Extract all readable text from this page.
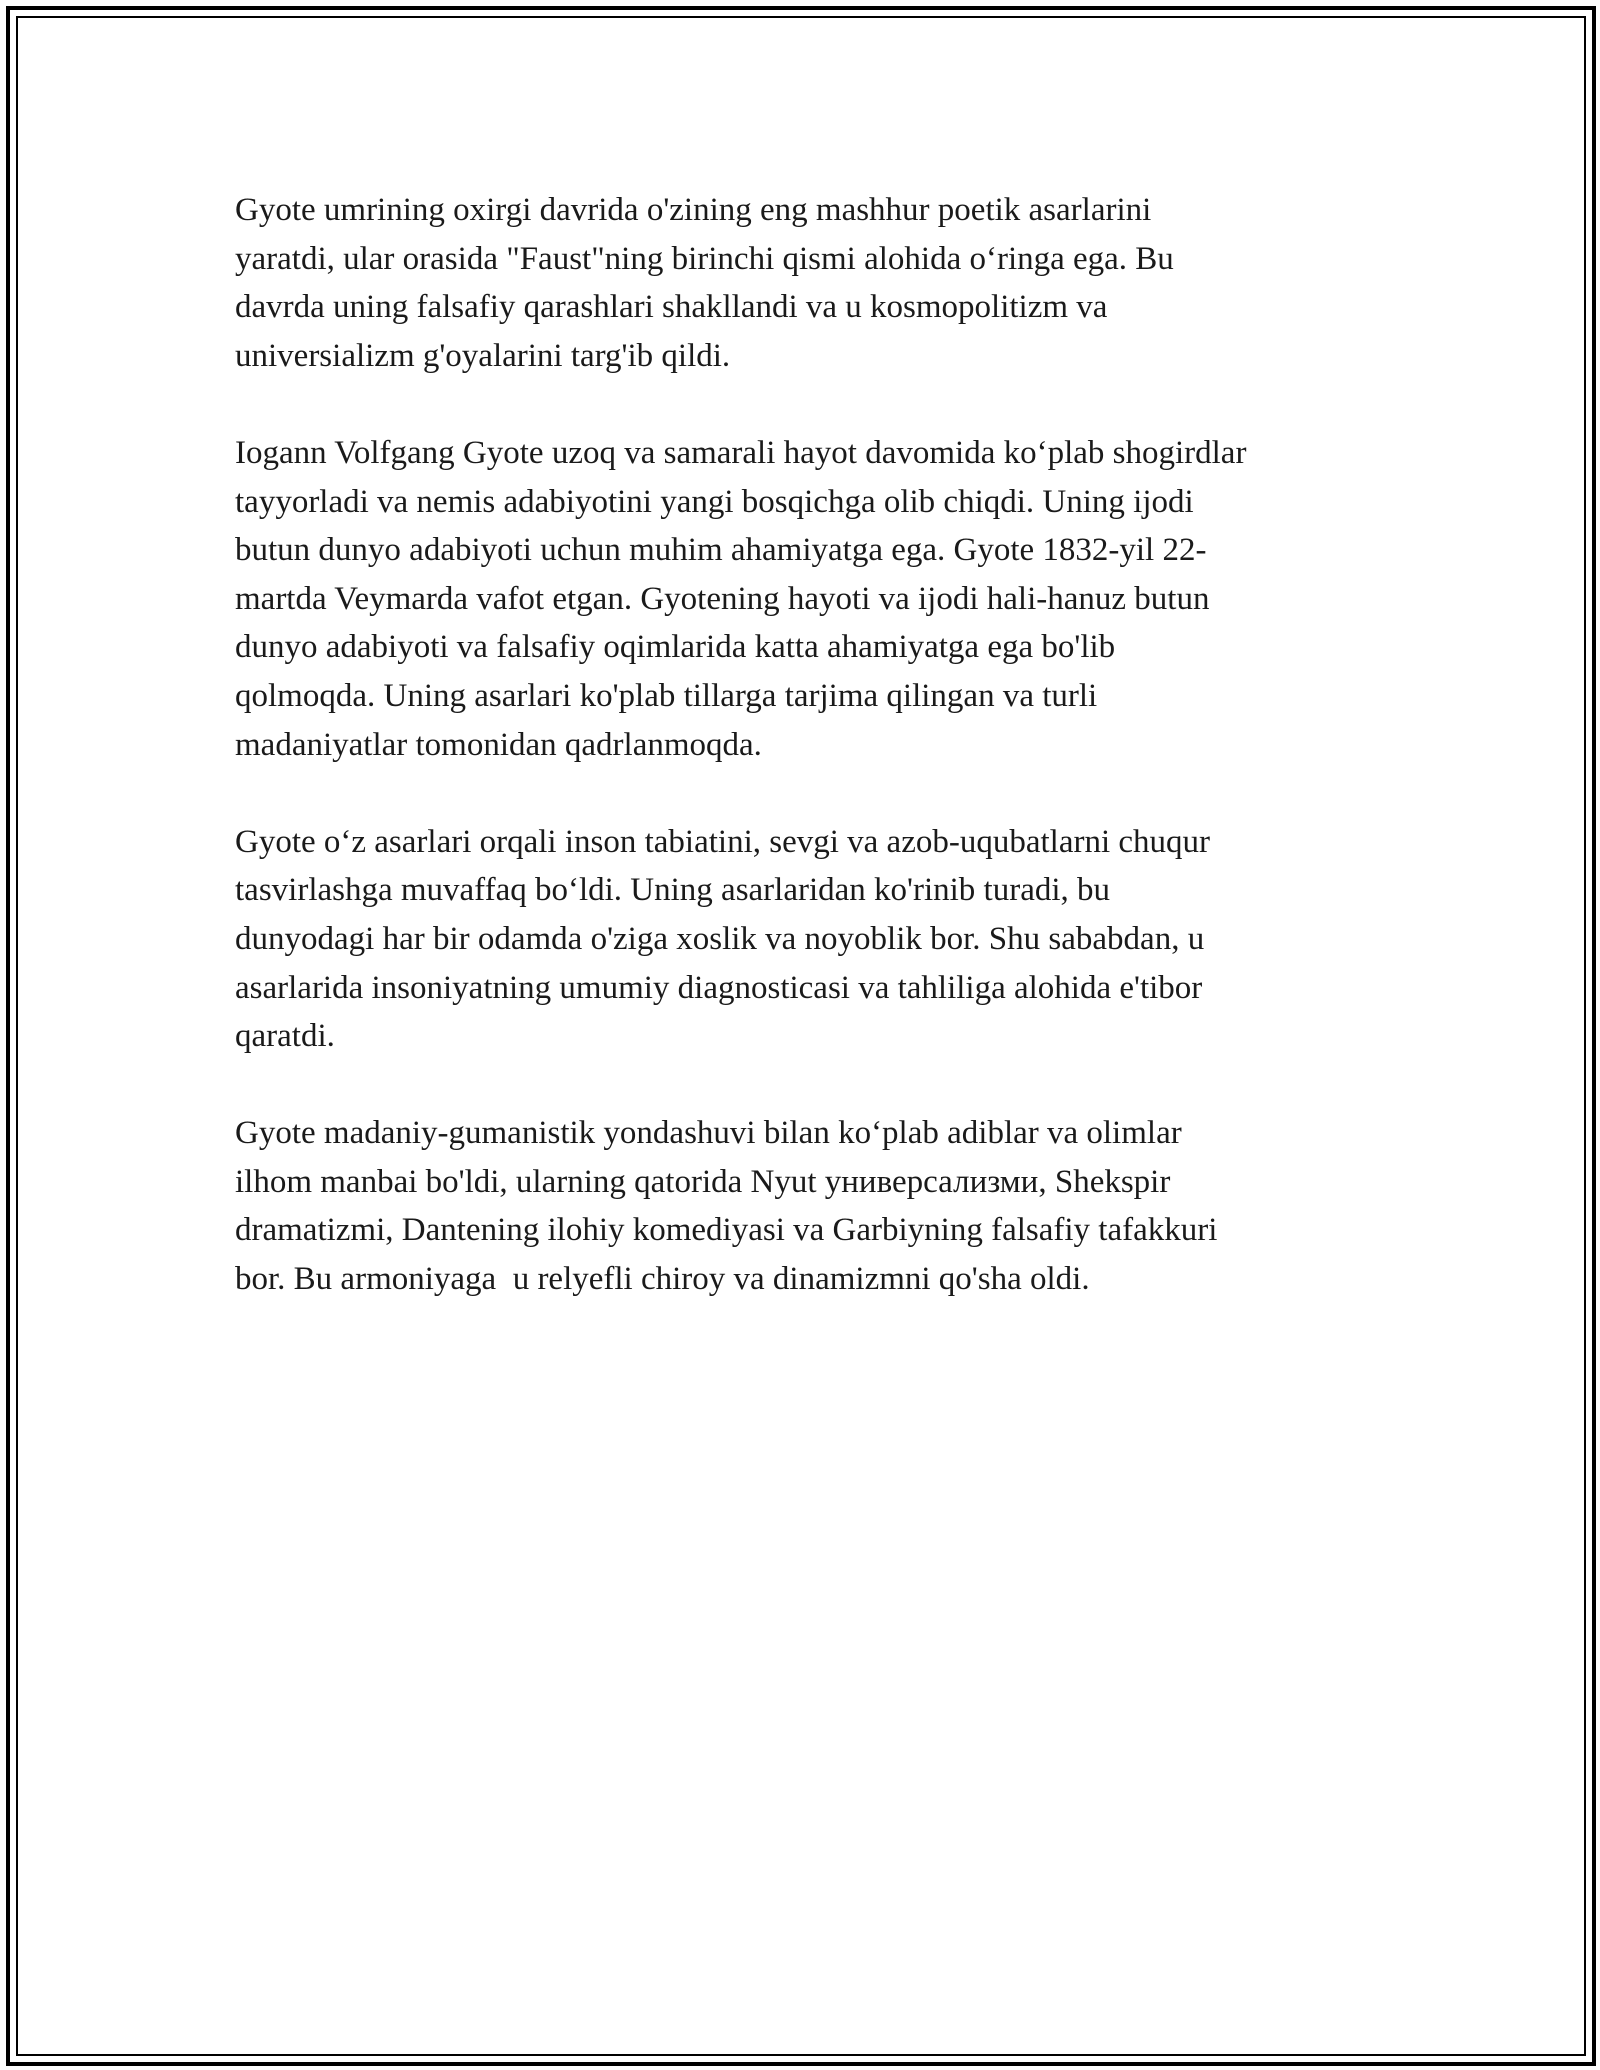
Gyote umrining oxirgi davrida o'zining eng mashhur poetik asarlarini
yaratdi, ular orasida "Faust"ning birinchi qismi alohida o‘ringa ega. Bu
davrda uning falsafiy qarashlari shakllandi va u kosmopolitizm va
universializm g'oyalarini targ'ib qildi.
Iogann Volfgang Gyote uzoq va samarali hayot davomida ko‘plab shogirdlar
tayyorladi va nemis adabiyotini yangi bosqichga olib chiqdi. Uning ijodi
butun dunyo adabiyoti uchun muhim ahamiyatga ega. Gyote 1832-yil 22-
martda Veymarda vafot etgan. Gyotening hayoti va ijodi hali-hanuz butun
dunyo adabiyoti va falsafiy oqimlarida katta ahamiyatga ega bo'lib
qolmoqda. Uning asarlari ko'plab tillarga tarjima qilingan va turli
madaniyatlar tomonidan qadrlanmoqda.
Gyote o‘z asarlari orqali inson tabiatini, sevgi va azob-uqubatlarni chuqur
tasvirlashga muvaffaq bo‘ldi. Uning asarlaridan ko'rinib turadi, bu
dunyodagi har bir odamda o'ziga xoslik va noyoblik bor. Shu sababdan, u
asarlarida insoniyatning umumiy diagnosticasi va tahliliga alohida e'tibor
qaratdi.
Gyote madaniy-gumanistik yondashuvi bilan ko‘plab adiblar va olimlar
ilhom manbai bo'ldi, ularning qatorida Nyut универсализми, Shekspir
dramatizmi, Dantening ilohiy komediyasi va Garbiyning falsafiy tafakkuri
bor. Bu armoniyaga  u relyefli chiroy va dinamizmni qo'sha oldi.
